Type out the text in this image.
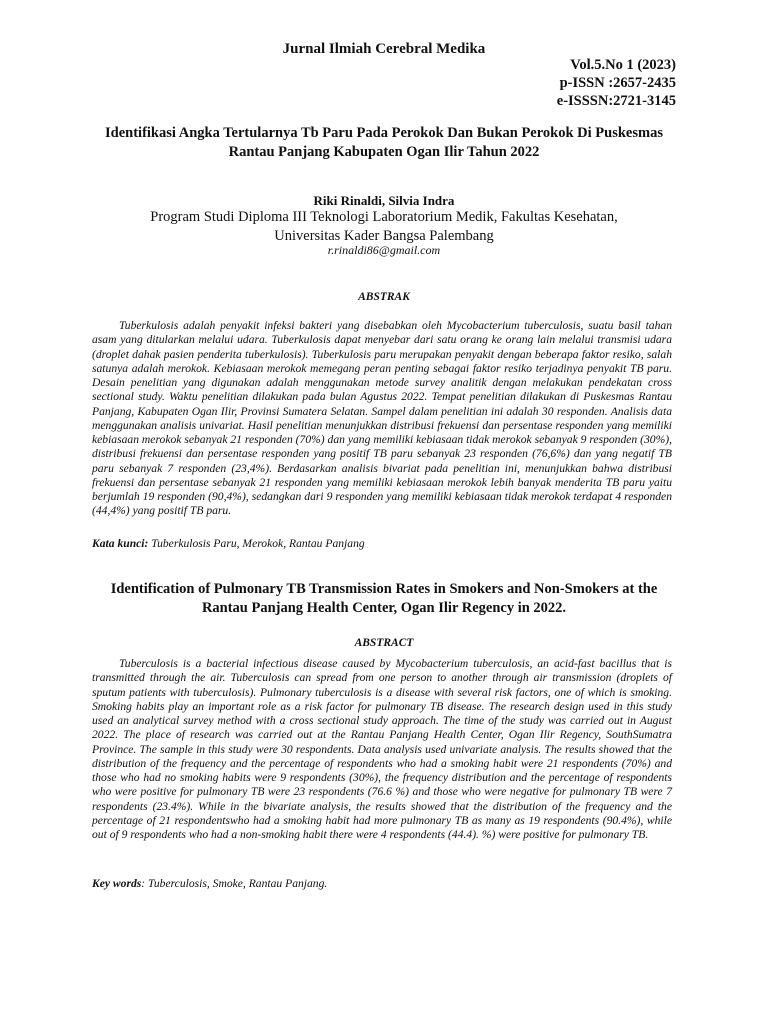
Jurnal Ilmiah Cerebral Medika
Vol.5.No 1 (2023)
p-ISSN :2657-2435
e-ISSSN:2721-3145
Identifikasi Angka Tertularnya Tb Paru Pada Perokok Dan Bukan Perokok Di Puskesmas Rantau Panjang Kabupaten Ogan Ilir Tahun 2022
Riki Rinaldi, Silvia Indra
Program Studi Diploma III Teknologi Laboratorium Medik, Fakultas Kesehatan,
Universitas Kader Bangsa Palembang
r.rinaldi86@gmail.com
ABSTRAK

Tuberkulosis adalah penyakit infeksi bakteri yang disebabkan oleh Mycobacterium tuberculosis, suatu basil tahan asam yang ditularkan melalui udara. Tuberkulosis dapat menyebar dari satu orang ke orang lain melalui transmisi udara (droplet dahak pasien penderita tuberkulosis). Tuberkulosis paru merupakan penyakit dengan beberapa faktor resiko, salah satunya adalah merokok. Kebiasaan merokok memegang peran penting sebagai faktor resiko terjadinya penyakit TB paru. Desain penelitian yang digunakan adalah menggunakan metode survey analitik dengan melakukan pendekatan cross sectional study. Waktu penelitian dilakukan pada bulan Agustus 2022. Tempat penelitian dilakukan di Puskesmas Rantau Panjang, Kabupaten Ogan Ilir, Provinsi Sumatera Selatan. Sampel dalam penelitian ini adalah 30 responden. Analisis data menggunakan analisis univariat. Hasil penelitian menunjukkan distribusi frekuensi dan persentase responden yang memiliki kebiasaan merokok sebanyak 21 responden (70%) dan yang memiliki kebiasaan tidak merokok sebanyak 9 responden (30%), distribusi frekuensi dan persentase responden yang positif TB paru sebanyak 23 responden (76,6%) dan yang negatif TB paru sebanyak 7 responden (23,4%). Berdasarkan analisis bivariat pada penelitian ini, menunjukkan bahwa distribusi frekuensi dan persentase sebanyak 21 responden yang memiliki kebiasaan merokok lebih banyak menderita TB paru yaitu berjumlah 19 responden (90,4%), sedangkan dari 9 responden yang memiliki kebiasaan tidak merokok terdapat 4 responden (44,4%) yang positif TB paru.

Kata kunci: Tuberkulosis Paru, Merokok, Rantau Panjang
Identification of Pulmonary TB Transmission Rates in Smokers and Non-Smokers at the Rantau Panjang Health Center, Ogan Ilir Regency in 2022.
ABSTRACT

Tuberculosis is a bacterial infectious disease caused by Mycobacterium tuberculosis, an acid-fast bacillus that is transmitted through the air. Tuberculosis can spread from one person to another through air transmission (droplets of sputum patients with tuberculosis). Pulmonary tuberculosis is a disease with several risk factors, one of which is smoking. Smoking habits play an important role as a risk factor for pulmonary TB disease. The research design used in this study used an analytical survey method with a cross sectional study approach. The time of the study was carried out in August 2022. The place of research was carried out at the Rantau Panjang Health Center, Ogan Ilir Regency, SouthSumatra Province. The sample in this study were 30 respondents. Data analysis used univariate analysis. The results showed that the distribution of the frequency and the percentage of respondents who had a smoking habit were 21 respondents (70%) and those who had no smoking habits were 9 respondents (30%), the frequency distribution and the percentage of respondents who were positive for pulmonary TB were 23 respondents (76.6 %) and those who were negative for pulmonary TB were 7 respondents (23.4%). While in the bivariate analysis, the results showed that the distribution of the frequency and the percentage of 21 respondentswho had a smoking habit had more pulmonary TB as many as 19 respondents (90.4%), while out of 9 respondents who had a non-smoking habit there were 4 respondents (44.4). %) were positive for pulmonary TB.

Key words: Tuberculosis, Smoke, Rantau Panjang.
